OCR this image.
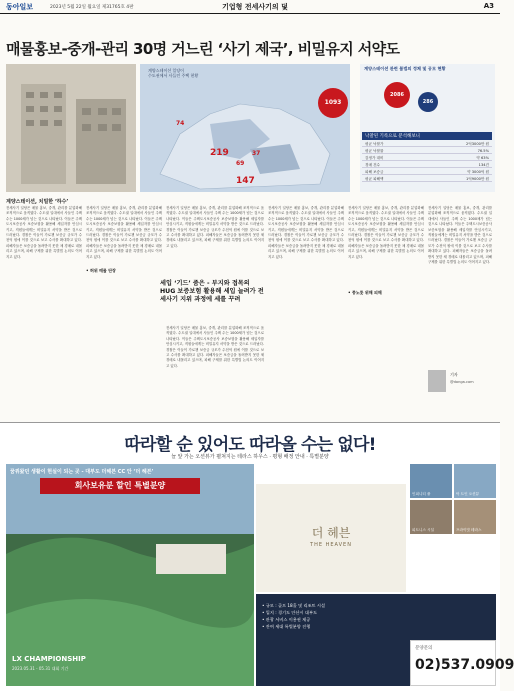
동아일보	2023년 5월 22일 월요일 제31765호 4판	기업형 전세사기의 덫	A3
매물홍보-중개-관리 30명 거느린 ‘사기 제국’, 비밀유지 서약도
계양스테이션 일당이
수도권에서 사들인 주택 현황
1093
219
69
37
147
74
계양스테이션 관련 불법의 정체 및 공모 현황
2086
286
낙찰된 기록으로 분석해보니
평균 낙찰가	2억3000만 원
평균 낙찰률	76.5%
감정가 대비	약 63%
경매 건수	134건
피해 보증금	약 3000억 원
평균 피해액	1억9000만 원
계양스테이션, 치밀한 ‘하수’
전세사기 일당은 매물 홍보, 중개, 관리를 분업화해 조직적으로 움직였다. 수도권 일대에서 사들인 주택 수는 1000채가 넘는 것으로 나타났다. 이들은 주택도시보증공사 보증보험을 활용해 세입자를 안심시키고, 직원들에게는 비밀유지 서약을 받은 것으로 드러났다. 경찰은 이들이 가로챈 보증금 규모가 수천억 원에 이를 것으로 보고 수사를 확대하고 있다. 피해자들은 보증금을 돌려받지 못한 채 경매로 내몰리고 있으며, 피해 구제를 위한 특별법 논의도 이어지고 있다.
전세사기 일당은 매물 홍보, 중개, 관리를 분업화해 조직적으로 움직였다. 수도권 일대에서 사들인 주택 수는 1000채가 넘는 것으로 나타났다. 이들은 주택도시보증공사 보증보험을 활용해 세입자를 안심시키고, 직원들에게는 비밀유지 서약을 받은 것으로 드러났다. 경찰은 이들이 가로챈 보증금 규모가 수천억 원에 이를 것으로 보고 수사를 확대하고 있다. 피해자들은 보증금을 돌려받지 못한 채 경매로 내몰리고 있으며, 피해 구제를 위한 특별법 논의도 이어지고 있다.
• 허위 매물 단장
전세사기 일당은 매물 홍보, 중개, 관리를 분업화해 조직적으로 움직였다. 수도권 일대에서 사들인 주택 수는 1000채가 넘는 것으로 나타났다. 이들은 주택도시보증공사 보증보험을 활용해 세입자를 안심시키고, 직원들에게는 비밀유지 서약을 받은 것으로 드러났다. 경찰은 이들이 가로챈 보증금 규모가 수천억 원에 이를 것으로 보고 수사를 확대하고 있다. 피해자들은 보증금을 돌려받지 못한 채 경매로 내몰리고 있으며, 피해 구제를 위한 특별법 논의도 이어지고 있다.
세입 ‘기드’ 줌은 - 부지와 접목의 HUG 보증보험 활용해 세입 늘려가 전세사기 지위 과정에 세를 꾸려
전세사기 일당은 매물 홍보, 중개, 관리를 분업화해 조직적으로 움직였다. 수도권 일대에서 사들인 주택 수는 1000채가 넘는 것으로 나타났다. 이들은 주택도시보증공사 보증보험을 활용해 세입자를 안심시키고, 직원들에게는 비밀유지 서약을 받은 것으로 드러났다. 경찰은 이들이 가로챈 보증금 규모가 수천억 원에 이를 것으로 보고 수사를 확대하고 있다. 피해자들은 보증금을 돌려받지 못한 채 경매로 내몰리고 있으며, 피해 구제를 위한 특별법 논의도 이어지고 있다.
전세사기 일당은 매물 홍보, 중개, 관리를 분업화해 조직적으로 움직였다. 수도권 일대에서 사들인 주택 수는 1000채가 넘는 것으로 나타났다. 이들은 주택도시보증공사 보증보험을 활용해 세입자를 안심시키고, 직원들에게는 비밀유지 서약을 받은 것으로 드러났다. 경찰은 이들이 가로챈 보증금 규모가 수천억 원에 이를 것으로 보고 수사를 확대하고 있다. 피해자들은 보증금을 돌려받지 못한 채 경매로 내몰리고 있으며, 피해 구제를 위한 특별법 논의도 이어지고 있다.
• 종노릇 위해 피해
전세사기 일당은 매물 홍보, 중개, 관리를 분업화해 조직적으로 움직였다. 수도권 일대에서 사들인 주택 수는 1000채가 넘는 것으로 나타났다. 이들은 주택도시보증공사 보증보험을 활용해 세입자를 안심시키고, 직원들에게는 비밀유지 서약을 받은 것으로 드러났다. 경찰은 이들이 가로챈 보증금 규모가 수천억 원에 이를 것으로 보고 수사를 확대하고 있다. 피해자들은 보증금을 돌려받지 못한 채 경매로 내몰리고 있으며, 피해 구제를 위한 특별법 논의도 이어지고 있다.
전세사기 일당은 매물 홍보, 중개, 관리를 분업화해 조직적으로 움직였다. 수도권 일대에서 사들인 주택 수는 1000채가 넘는 것으로 나타났다. 이들은 주택도시보증공사 보증보험을 활용해 세입자를 안심시키고, 직원들에게는 비밀유지 서약을 받은 것으로 드러났다. 경찰은 이들이 가로챈 보증금 규모가 수천억 원에 이를 것으로 보고 수사를 확대하고 있다. 피해자들은 보증금을 돌려받지 못한 채 경매로 내몰리고 있으며, 피해 구제를 위한 특별법 논의도 이어지고 있다.
기자
@donga.com
따라할 순 있어도 따라올 수는 없다!
늘 앞 가는 오션뷰가 펼쳐지는 테라스 하우스 · 평형 배정 안내 · 특별분양
꿈꿔왔던 생활이 현실이 되는 곳 - 대부도 더헤븐 CC 안 ‘더 헤븐’
회사보유분 할인 특별분양
LX CHAMPIONSHIP
2023.05.31 - 05.31 대회 기간
더 헤븐
THE HEAVEN
인피니티 풀	탁 트인 오션뷰
피트니스 시설	프라이빗 테라스
• 규모 : 골프 18홀 및 리조트 시설
• 입지 : 경기도 안산시 대부도
• 관광 서비스 이용권 제공
• 잔여 세대 특별분양 진행
분양문의
02)537.0909
